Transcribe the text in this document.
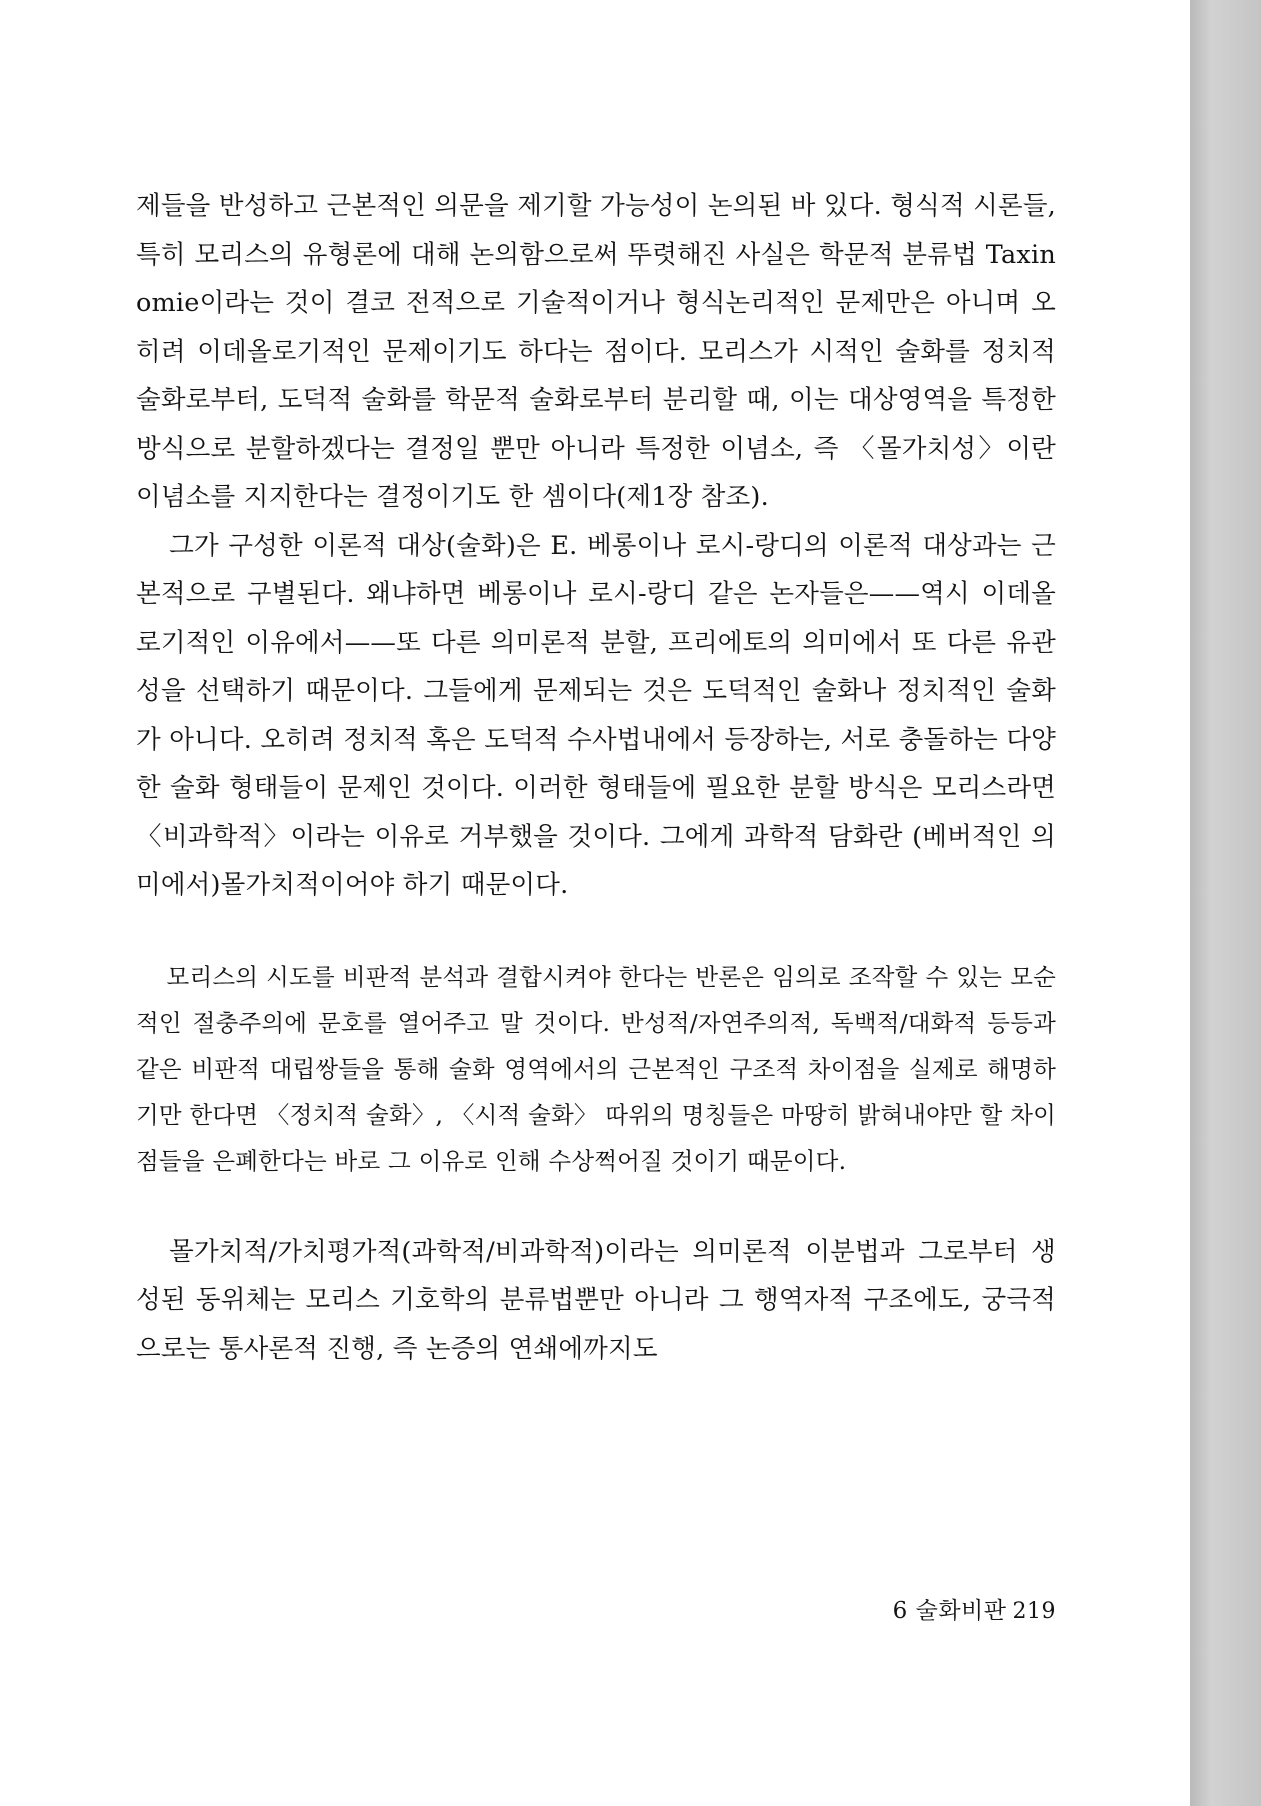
제들을 반성하고 근본적인 의문을 제기할 가능성이 논의된 바 있다. 형식적 시론들, 특히 모리스의 유형론에 대해 논의함으로써 뚜렷해진 사실은 학문적 분류법 Taxinomie이라는 것이 결코 전적으로 기술적이거나 형식논리적인 문제만은 아니며 오히려 이데올로기적인 문제이기도 하다는 점이다. 모리스가 시적인 술화를 정치적 술화로부터, 도덕적 술화를 학문적 술화로부터 분리할 때, 이는 대상영역을 특정한 방식으로 분할하겠다는 결정일 뿐만 아니라 특정한 이념소, 즉 〈몰가치성〉이란 이념소를 지지한다는 결정이기도 한 셈이다(제1장 참조).

그가 구성한 이론적 대상(술화)은 E. 베롱이나 로시-랑디의 이론적 대상과는 근본적으로 구별된다. 왜냐하면 베롱이나 로시-랑디 같은 논자들은——역시 이데올로기적인 이유에서——또 다른 의미론적 분할, 프리에토의 의미에서 또 다른 유관성을 선택하기 때문이다. 그들에게 문제되는 것은 도덕적인 술화나 정치적인 술화가 아니다. 오히려 정치적 혹은 도덕적 수사법내에서 등장하는, 서로 충돌하는 다양한 술화 형태들이 문제인 것이다. 이러한 형태들에 필요한 분할 방식은 모리스라면 〈비과학적〉이라는 이유로 거부했을 것이다. 그에게 과학적 담화란 (베버적인 의미에서)몰가치적이어야 하기 때문이다.

모리스의 시도를 비판적 분석과 결합시켜야 한다는 반론은 임의로 조작할 수 있는 모순적인 절충주의에 문호를 열어주고 말 것이다. 반성적/자연주의적, 독백적/대화적 등등과 같은 비판적 대립쌍들을 통해 술화 영역에서의 근본적인 구조적 차이점을 실제로 해명하기만 한다면 〈정치적 술화〉, 〈시적 술화〉 따위의 명칭들은 마땅히 밝혀내야만 할 차이점들을 은폐한다는 바로 그 이유로 인해 수상쩍어질 것이기 때문이다.

몰가치적/가치평가적(과학적/비과학적)이라는 의미론적 이분법과 그로부터 생성된 동위체는 모리스 기호학의 분류법뿐만 아니라 그 행역자적 구조에도, 궁극적으로는 통사론적 진행, 즉 논증의 연쇄에까지도

6 술화비판 219
